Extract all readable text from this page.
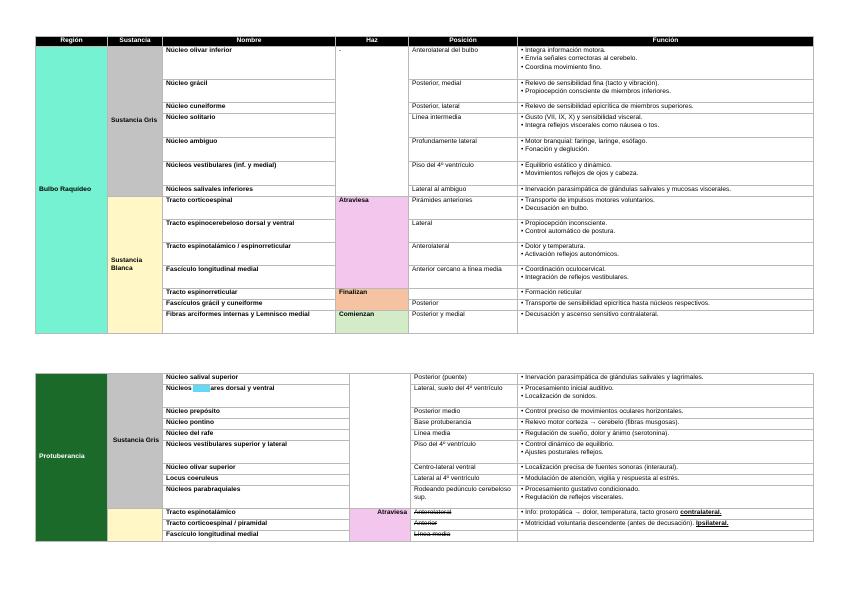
Región	Sustancia	Nombre	Haz	Posición	Función
Bulbo Raquídeo	Sustancia Gris	Núcleo olivar inferior	-	Anterolateral del bulbo	• Integra información motora.
• Envía señales correctoras al cerebelo.
• Coordina movimiento fino.

		Núcleo grácil		Posterior, medial	• Relevo de sensibilidad fina (tacto y vibración).
• Propiocepción consciente de miembros inferiores.

		Núcleo cuneiforme		Posterior, lateral	• Relevo de sensibilidad epicrítica de miembros superiores.

		Núcleo solitario		Línea intermedia	• Gusto (VII, IX, X) y sensibilidad visceral.
• Integra reflejos viscerales como náusea o tos.

		Núcleo ambiguo		Profundamente lateral	• Motor branquial: faringe, laringe, esófago.
• Fonación y deglución.

		Núcleos vestibulares (inf. y medial)		Piso del 4º ventrículo	• Equilibrio estático y dinámico.
• Movimientos reflejos de ojos y cabeza.

		Núcleos salivales inferiores		Lateral al ambiguo	• Inervación parasimpática de glándulas salivales y mucosas viscerales.

	Sustancia Blanca	Tracto corticoespinal	Atraviesa	Pirámides anteriores	• Transporte de impulsos motores voluntarios.
• Decusación en bulbo.

		Tracto espinocerebeloso dorsal y ventral		Lateral	• Propiocepción inconsciente.
• Control automático de postura.

		Tracto espinotalámico / espinorreticular		Anterolateral	• Dolor y temperatura.
• Activación reflejos autonómicos.

		Fascículo longitudinal medial		Anterior cercano a línea media	• Coordinación oculocervical.
• Integración de reflejos vestibulares.

		Tracto espinorreticular	Finalizan		• Formación reticular

		Fascículos grácil y cuneiforme		Posterior	• Transporte de sensibilidad epicrítica hasta núcleos respectivos.

		Fibras arciformes internas y Lemnisco medial	Comienzan	Posterior y medial	• Decusación y ascenso sensitivo contralateral.
Protuberancia	Sustancia Gris	Núcleo salival superior		Posterior (puente)	• Inervación parasimpática de glándulas salivales y lagrimales.

		Núcleos cocleares dorsal y ventral		Lateral, suelo del 4º ventrículo	• Procesamiento inicial auditivo.
• Localización de sonidos.

		Núcleo prepósito		Posterior medio	• Control preciso de movimientos oculares horizontales.

		Núcleo pontino		Base protuberancia	• Relevo motor corteza → cerebelo (fibras musgosas).

		Núcleo del rafe		Línea media	• Regulación de sueño, dolor y ánimo (serotonina).

		Núcleos vestibulares superior y lateral		Piso del 4º ventrículo	• Control dinámico de equilibrio.
• Ajustes posturales reflejos.

		Núcleo olivar superior		Centro-lateral ventral	• Localización precisa de fuentes sonoras (interaural).

		Locus coeruleus		Lateral al 4º ventrículo	• Modulación de atención, vigilia y respuesta al estrés.

		Núcleos parabraquiales		Rodeando pedúnculo cerebeloso sup.	• Procesamiento gustativo condicionado.
• Regulación de reflejos viscerales.

		Tracto espinotalámico	Atraviesa	Anterolateral	• Info: protopática → dolor, temperatura, tacto grosero contralateral.

		Tracto corticoespinal / piramidal		Anterior	• Motricidad voluntaria descendente (antes de decusación). Ipsilateral.

		Fascículo longitudinal medial		Línea media	
